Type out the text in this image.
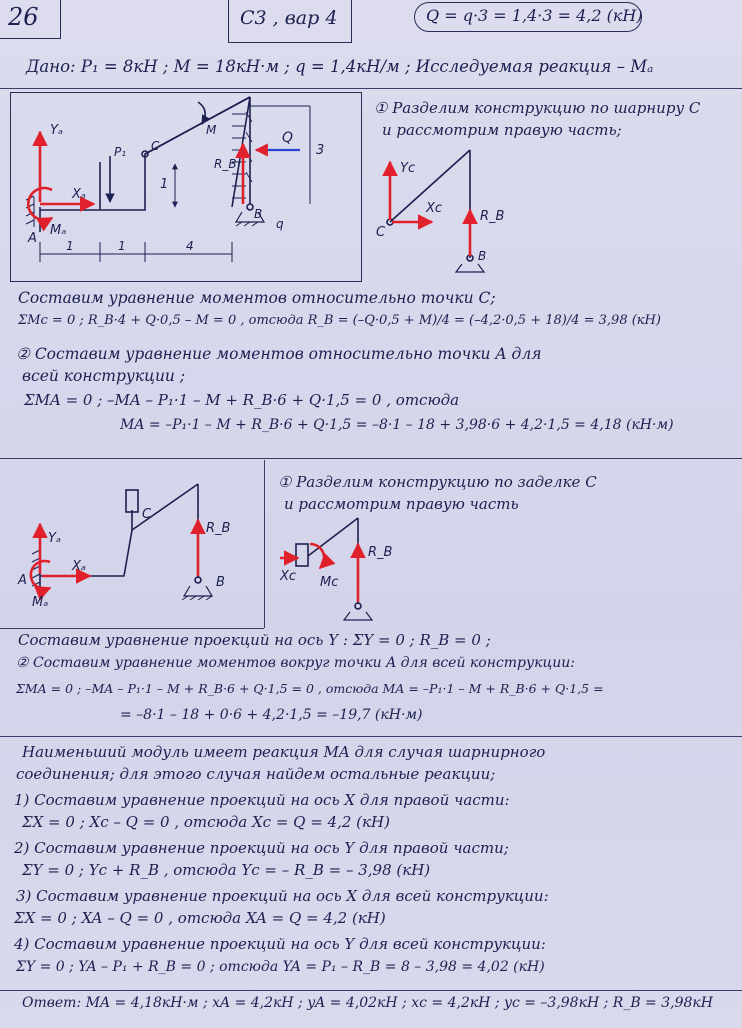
26	С3 , вар 4	Q = q·3 = 1,4·3 = 4,2 (кН)
Дано: P₁ = 8кН ; M = 18кН·м ; q = 1,4кН/м ; Исследуемая реакция – Mₐ
Yₐ
Xₐ
A
Mₐ
P₁ C
M
R_B
Q
B
3
1
q
1	1	4
① Разделим конструкцию по шарниру С
и рассмотрим правую часть;
Yc
Xc
C
R_B
B
Составим уравнение моментов относительно точки С;
ΣMc = 0 ; R_B·4 + Q·0,5 – M = 0 , отсюда R_B = (–Q·0,5 + M)/4 = (–4,2·0,5 + 18)/4 = 3,98 (кН)
② Составим уравнение моментов относительно точки A для
всей конструкции ;
ΣMA = 0 ; –MA – P₁·1 – M + R_B·6 + Q·1,5 = 0 , отсюда
MA = –P₁·1 – M + R_B·6 + Q·1,5 = –8·1 – 18 + 3,98·6 + 4,2·1,5 = 4,18 (кН·м)
Yₐ
Xₐ
A
Mₐ
C
R_B
B
① Разделим конструкцию по заделке С
и рассмотрим правую часть
Xc Mc
R_B
Составим уравнение проекций на ось Y : ΣY = 0 ; R_B = 0 ;
② Составим уравнение моментов вокруг точки A для всей конструкции:
ΣMA = 0 ; –MA – P₁·1 – M + R_B·6 + Q·1,5 = 0 , отсюда MA = –P₁·1 – M + R_B·6 + Q·1,5 =
= –8·1 – 18 + 0·6 + 4,2·1,5 = –19,7 (кН·м)
Наименьший модуль имеет реакция MA для случая шарнирного
соединения; для этого случая найдем остальные реакции;
1) Составим уравнение проекций на ось X для правой части:
ΣX = 0 ; Xc – Q = 0 , отсюда Xc = Q = 4,2 (кН)
2) Составим уравнение проекций на ось Y для правой части;
ΣY = 0 ; Yc + R_B , отсюда Yc = – R_B = – 3,98 (кН)
3) Составим уравнение проекций на ось X для всей конструкции:
ΣX = 0 ; XA – Q = 0 , отсюда XA = Q = 4,2 (кН)
4) Составим уравнение проекций на ось Y для всей конструкции:
ΣY = 0 ; YA – P₁ + R_B = 0 ; отсюда YA = P₁ – R_B = 8 – 3,98 = 4,02 (кН)
Ответ: MA = 4,18кН·м ; xA = 4,2кН ; yA = 4,02кН ; xc = 4,2кН ; yc = –3,98кН ; R_B = 3,98кН
